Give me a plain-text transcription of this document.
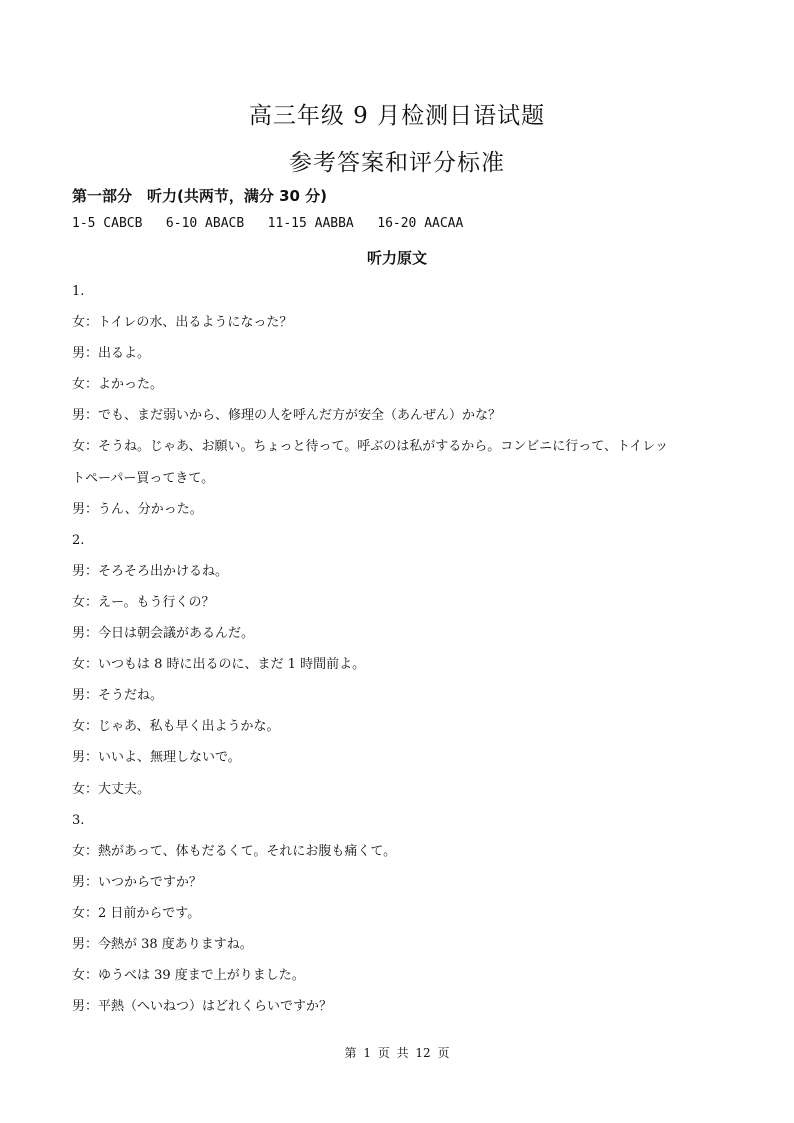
高三年级 9 月检测日语试题
参考答案和评分标准
第一部分　听力(共两节，满分 30 分)
1-5 CABCB   6-10 ABACB   11-15 AABBA   16-20 AACAA
听力原文
1.
女：トイレの水、出るようになった？
男：出るよ。
女：よかった。
男：でも、まだ弱いから、修理の人を呼んだ方が安全（あんぜん）かな？
女：そうね。じゃあ、お願い。ちょっと待って。呼ぶのは私がするから。コンビニに行って、トイレッ
トペーパー買ってきて。
男：うん、分かった。
2.
男：そろそろ出かけるね。
女：えー。もう行くの？
男：今日は朝会議があるんだ。
女：いつもは 8 時に出るのに、まだ 1 時間前よ。
男：そうだね。
女：じゃあ、私も早く出ようかな。
男：いいよ、無理しないで。
女：大丈夫。
3.
女：熱があって、体もだるくて。それにお腹も痛くて。
男：いつからですか？
女：2 日前からです。
男：今熱が 38 度ありますね。
女：ゆうべは 39 度まで上がりました。
男：平熱（へいねつ）はどれくらいですか？
第 1 页 共 12 页
